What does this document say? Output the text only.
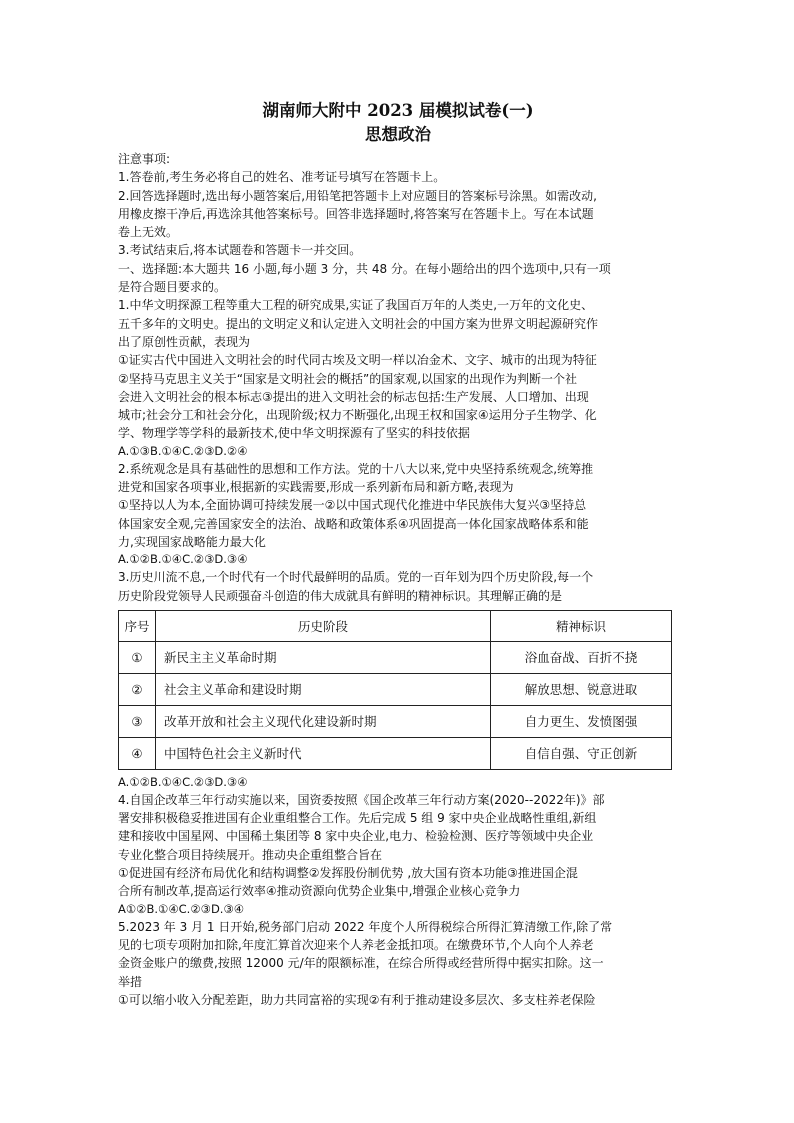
湖南师大附中 2023 届模拟试卷(一)

思想政治

注意事项:

1.答卷前,考生务必将自己的姓名、准考证号填写在答题卡上。

2.回答选择题时,选出每小题答案后,用铅笔把答题卡上对应题目的答案标号涂黑。如需改动,

用橡皮擦干净后,再选涂其他答案标号。回答非选择题时,将答案写在答题卡上。写在本试题

卷上无效。

3.考试结束后,将本试题卷和答题卡一并交回。

一、选择题:本大题共 16 小题,每小题 3 分，共 48 分。在每小题给出的四个选项中,只有一项

是符合题目要求的。

1.中华文明探源工程等重大工程的研究成果,实证了我国百万年的人类史,一万年的文化史、

五千多年的文明史。提出的文明定义和认定进入文明社会的中国方案为世界文明起源研究作

出了原创性贡献，表现为

①证实古代中国进入文明社会的时代同古埃及文明一样以冶金术、文字、城市的出现为特征

②坚持马克思主义关于“国家是文明社会的概括”的国家观,以国家的出现作为判断一个社

会进入文明社会的根本标志③提出的进入文明社会的标志包括:生产发展、人口增加、出现

城市;社会分工和社会分化，出现阶级;权力不断强化,出现王权和国家④运用分子生物学、化

学、物理学等学科的最新技术,使中华文明探源有了坚实的科技依据

A.①③B.①④C.②③D.②④

2.系统观念是具有基础性的思想和工作方法。党的十八大以来,党中央坚持系统观念,统筹推

进党和国家各项事业,根据新的实践需要,形成一系列新布局和新方略,表现为

①坚持以人为本,全面协调可持续发展一②以中国式现代化推进中华民族伟大复兴③坚持总

体国家安全观,完善国家安全的法治、战略和政策体系④巩固提高一体化国家战略体系和能

力,实现国家战略能力最大化

A.①②B.①④C.②③D.③④

3.历史川流不息,一个时代有一个时代最鲜明的品质。党的一百年划为四个历史阶段,每一个

历史阶段党领导人民顽强奋斗创造的伟大成就具有鲜明的精神标识。其理解正确的是

序号	历史阶段	精神标识
①	新民主主义革命时期	浴血奋战、百折不挠
②	社会主义革命和建设时期	解放思想、锐意进取
③	改革开放和社会主义现代化建设新时期	自力更生、发愤图强
④	中国特色社会主义新时代	自信自强、守正创新

A.①②B.①④C.②③D.③④

4.自国企改革三年行动实施以来，国资委按照《国企改革三年行动方案(2020--2022年)》部

署安排积极稳妥推进国有企业重组整合工作。先后完成 5 组 9 家中央企业战略性重组,新组

建和接收中国星网、中国稀土集团等 8 家中央企业,电力、检验检测、医疗等领域中央企业

专业化整合项目持续展开。推动央企重组整合旨在

①促进国有经济布局优化和结构调整②发挥股份制优势 ,放大国有资本功能③推进国企混

合所有制改革,提高运行效率④推动资源向优势企业集中,增强企业核心竞争力

A①②B.①④C.②③D.③④

5.2023 年 3 月 1 日开始,税务部门启动 2022 年度个人所得税综合所得汇算清缴工作,除了常

见的七项专项附加扣除,年度汇算首次迎来个人养老金抵扣项。在缴费环节,个人向个人养老

金资金账户的缴费,按照 12000 元/年的限额标准，在综合所得或经营所得中据实扣除。这一

举措

①可以缩小收入分配差距，助力共同富裕的实现②有利于推动建设多层次、多支柱养老保险
